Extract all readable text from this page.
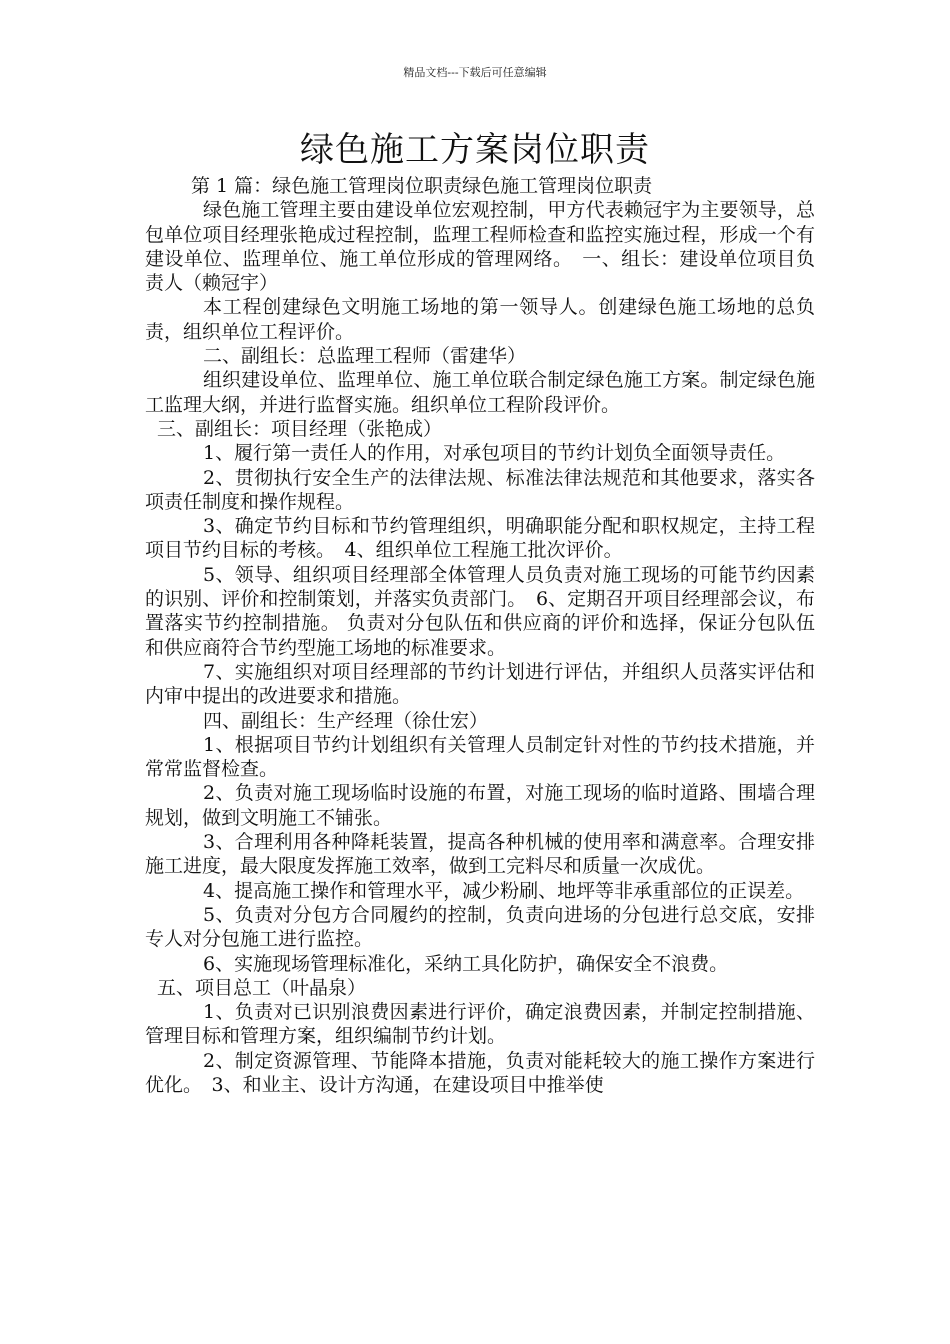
精品文档---下载后可任意编辑
绿色施工方案岗位职责

第 1 篇：绿色施工管理岗位职责绿色施工管理岗位职责

绿色施工管理主要由建设单位宏观控制，甲方代表赖冠宇为主要领导，总包单位项目经理张艳成过程控制，监理工程师检查和监控实施过程，形成一个有建设单位、监理单位、施工单位形成的管理网络。　一、组长：建设单位项目负责人（赖冠宇）

本工程创建绿色文明施工场地的第一领导人。创建绿色施工场地的总负责，组织单位工程评价。

二、副组长：总监理工程师（雷建华）

组织建设单位、监理单位、施工单位联合制定绿色施工方案。制定绿色施工监理大纲，并进行监督实施。组织单位工程阶段评价。

三、副组长：项目经理（张艳成）

1、履行第一责任人的作用，对承包项目的节约计划负全面领导责任。

2、贯彻执行安全生产的法律法规、标准法律法规范和其他要求，落实各项责任制度和操作规程。

3、确定节约目标和节约管理组织，明确职能分配和职权规定，主持工程项目节约目标的考核。　4、组织单位工程施工批次评价。

5、领导、组织项目经理部全体管理人员负责对施工现场的可能节约因素的识别、评价和控制策划，并落实负责部门。　6、定期召开项目经理部会议，布置落实节约控制措施。 负责对分包队伍和供应商的评价和选择，保证分包队伍和供应商符合节约型施工场地的标准要求。

7、实施组织对项目经理部的节约计划进行评估，并组织人员落实评估和内审中提出的改进要求和措施。

四、副组长：生产经理（徐仕宏）

1、根据项目节约计划组织有关管理人员制定针对性的节约技术措施，并常常监督检查。

2、负责对施工现场临时设施的布置，对施工现场的临时道路、围墙合理规划，做到文明施工不铺张。

3、合理利用各种降耗装置，提高各种机械的使用率和满意率。合理安排施工进度，最大限度发挥施工效率，做到工完料尽和质量一次成优。

4、提高施工操作和管理水平，减少粉刷、地坪等非承重部位的正误差。

5、负责对分包方合同履约的控制，负责向进场的分包进行总交底，安排专人对分包施工进行监控。

6、实施现场管理标准化，采纳工具化防护，确保安全不浪费。

五、项目总工（叶晶泉）

1、负责对已识别浪费因素进行评价，确定浪费因素，并制定控制措施、管理目标和管理方案，组织编制节约计划。

2、制定资源管理、节能降本措施，负责对能耗较大的施工操作方案进行优化。　3、和业主、设计方沟通，在建设项目中推举使
